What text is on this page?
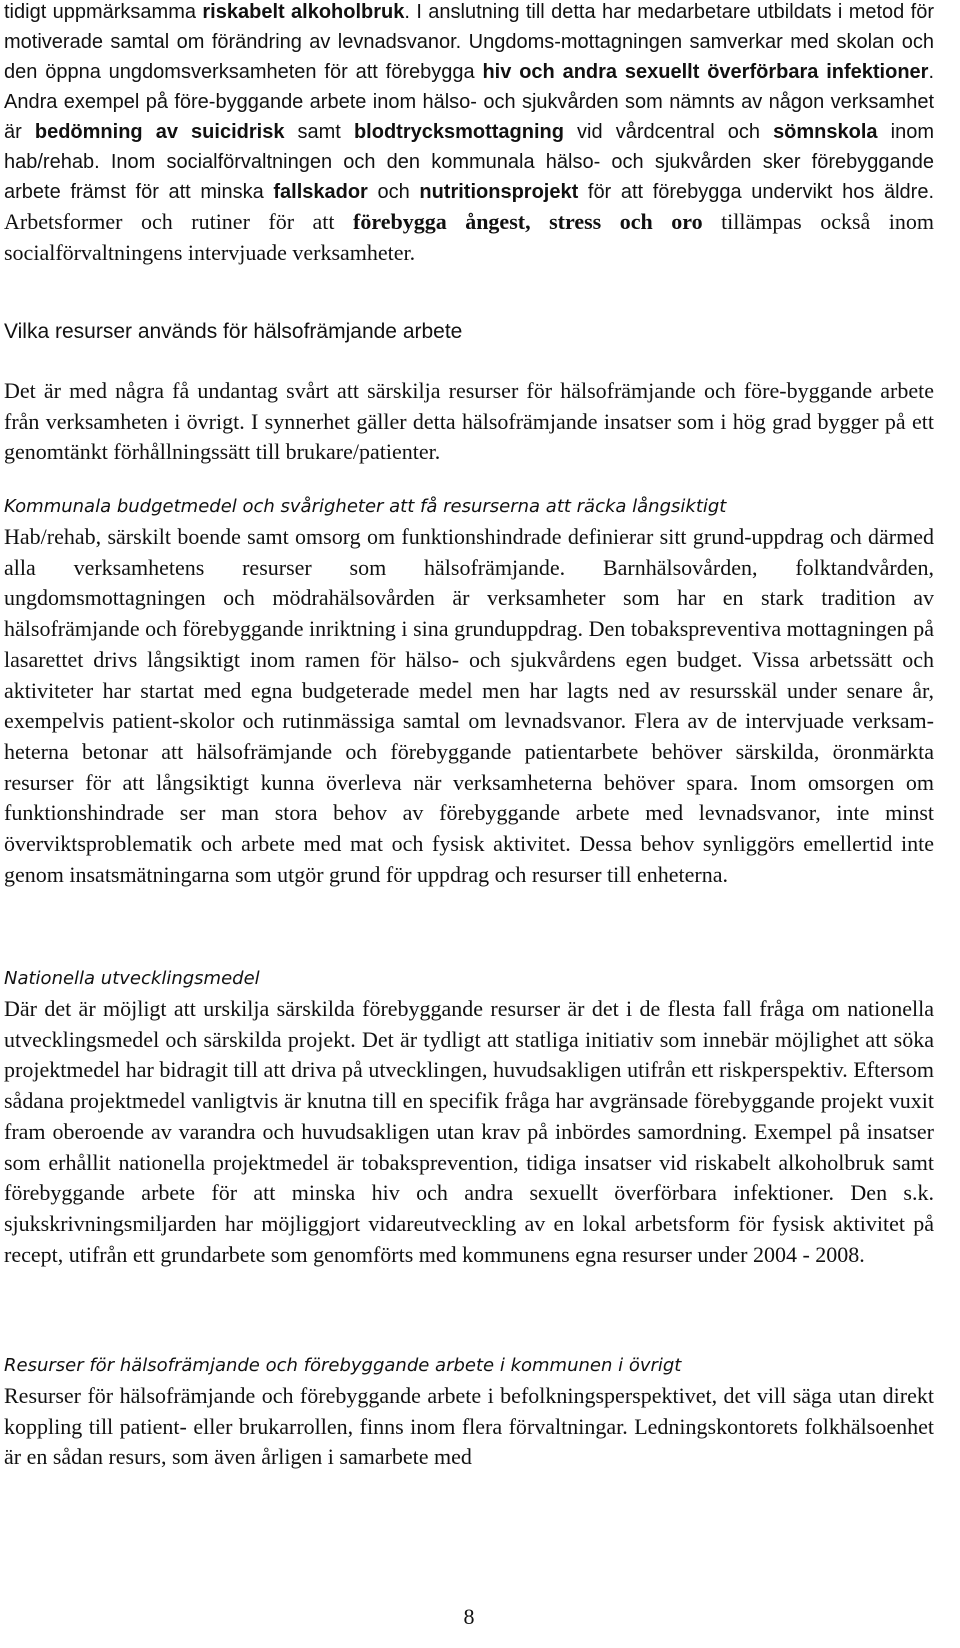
tidigt uppmärksamma riskabelt alkoholbruk. I anslutning till detta har medarbetare utbildats i metod för motiverade samtal om förändring av levnadsvanor. Ungdoms-mottagningen samverkar med skolan och den öppna ungdomsverksamheten för att förebygga hiv och andra sexuellt överförbara infektioner. Andra exempel på före-byggande arbete inom hälso- och sjukvården som nämnts av någon verksamhet är bedömning av suicidrisk samt blodtrycksmottagning vid vårdcentral och sömnskola inom hab/rehab. Inom socialförvaltningen och den kommunala hälso- och sjukvården sker förebyggande arbete främst för att minska fallskador och nutritionsprojekt för att förebygga undervikt hos äldre. Arbetsformer och rutiner för att förebygga ångest, stress och oro tillämpas också inom socialförvaltningens intervjuade verksamheter.

Vilka resurser används för hälsofrämjande arbete

Det är med några få undantag svårt att särskilja resurser för hälsofrämjande och före-byggande arbete från verksamheten i övrigt. I synnerhet gäller detta hälsofrämjande insatser som i hög grad bygger på ett genomtänkt förhållningssätt till brukare/patienter.

Kommunala budgetmedel och svårigheter att få resurserna att räcka långsiktigt

Hab/rehab, särskilt boende samt omsorg om funktionshindrade definierar sitt grund-uppdrag och därmed alla verksamhetens resurser som hälsofrämjande. Barnhälsovården, folktandvården, ungdomsmottagningen och mödrahälsovården är verksamheter som har en stark tradition av hälsofrämjande och förebyggande inriktning i sina grunduppdrag. Den tobakspreventiva mottagningen på lasarettet drivs långsiktigt inom ramen för hälso- och sjukvårdens egen budget. Vissa arbetssätt och aktiviteter har startat med egna budgeterade medel men har lagts ned av resursskäl under senare år, exempelvis patient-skolor och rutinmässiga samtal om levnadsvanor. Flera av de intervjuade verksam-heterna betonar att hälsofrämjande och förebyggande patientarbete behöver särskilda, öronmärkta resurser för att långsiktigt kunna överleva när verksamheterna behöver spara. Inom omsorgen om funktionshindrade ser man stora behov av förebyggande arbete med levnadsvanor, inte minst överviktsproblematik och arbete med mat och fysisk aktivitet. Dessa behov synliggörs emellertid inte genom insatsmätningarna som utgör grund för uppdrag och resurser till enheterna.

Nationella utvecklingsmedel

Där det är möjligt att urskilja särskilda förebyggande resurser är det i de flesta fall fråga om nationella utvecklingsmedel och särskilda projekt. Det är tydligt att statliga initiativ som innebär möjlighet att söka projektmedel har bidragit till att driva på utvecklingen, huvudsakligen utifrån ett riskperspektiv. Eftersom sådana projektmedel vanligtvis är knutna till en specifik fråga har avgränsade förebyggande projekt vuxit fram oberoende av varandra och huvudsakligen utan krav på inbördes samordning. Exempel på insatser som erhållit nationella projektmedel är tobaksprevention, tidiga insatser vid riskabelt alkoholbruk samt förebyggande arbete för att minska hiv och andra sexuellt överförbara infektioner. Den s.k. sjukskrivningsmiljarden har möjliggjort vidareutveckling av en lokal arbetsform för fysisk aktivitet på recept, utifrån ett grundarbete som genomförts med kommunens egna resurser under 2004 - 2008.

Resurser för hälsofrämjande och förebyggande arbete i kommunen i övrigt

Resurser för hälsofrämjande och förebyggande arbete i befolkningsperspektivet, det vill säga utan direkt koppling till patient- eller brukarrollen, finns inom flera förvaltningar. Ledningskontorets folkhälsoenhet är en sådan resurs, som även årligen i samarbete med

8
